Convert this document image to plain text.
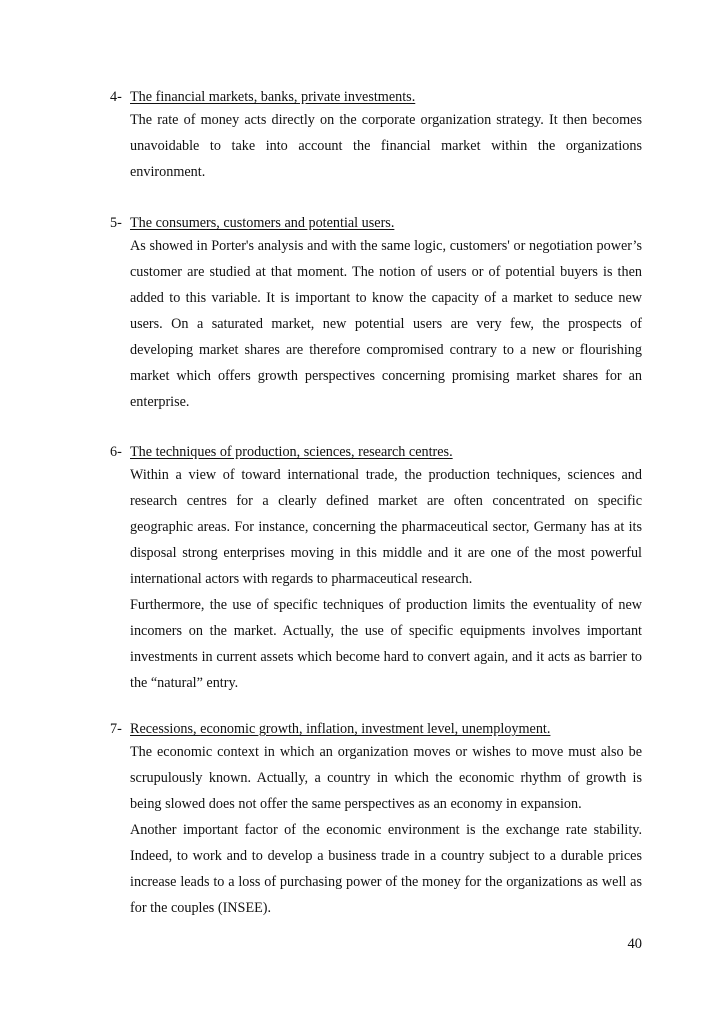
4- The financial markets, banks, private investments.

The rate of money acts directly on the corporate organization strategy. It then becomes unavoidable to take into account the financial market within the organizations environment.

5- The consumers, customers and potential users.

As showed in Porter's analysis and with the same logic, customers' or negotiation power’s customer are studied at that moment. The notion of users or of potential buyers is then added to this variable. It is important to know the capacity of a market to seduce new users. On a saturated market, new potential users are very few, the prospects of developing market shares are therefore compromised contrary to a new or flourishing market which offers growth perspectives concerning promising market shares for an enterprise.

6- The techniques of production, sciences, research centres.

Within a view of toward international trade, the production techniques, sciences and research centres for a clearly defined market are often concentrated on specific geographic areas. For instance, concerning the pharmaceutical sector, Germany has at its disposal strong enterprises moving in this middle and it are one of the most powerful international actors with regards to pharmaceutical research.

Furthermore, the use of specific techniques of production limits the eventuality of new incomers on the market. Actually, the use of specific equipments involves important investments in current assets which become hard to convert again, and it acts as barrier to the “natural” entry.

7- Recessions, economic growth, inflation, investment level, unemployment.

The economic context in which an organization moves or wishes to move must also be scrupulously known. Actually, a country in which the economic rhythm of growth is being slowed does not offer the same perspectives as an economy in expansion.

Another important factor of the economic environment is the exchange rate stability. Indeed, to work and to develop a business trade in a country subject to a durable prices increase leads to a loss of purchasing power of the money for the organizations as well as for the couples (INSEE).

40
